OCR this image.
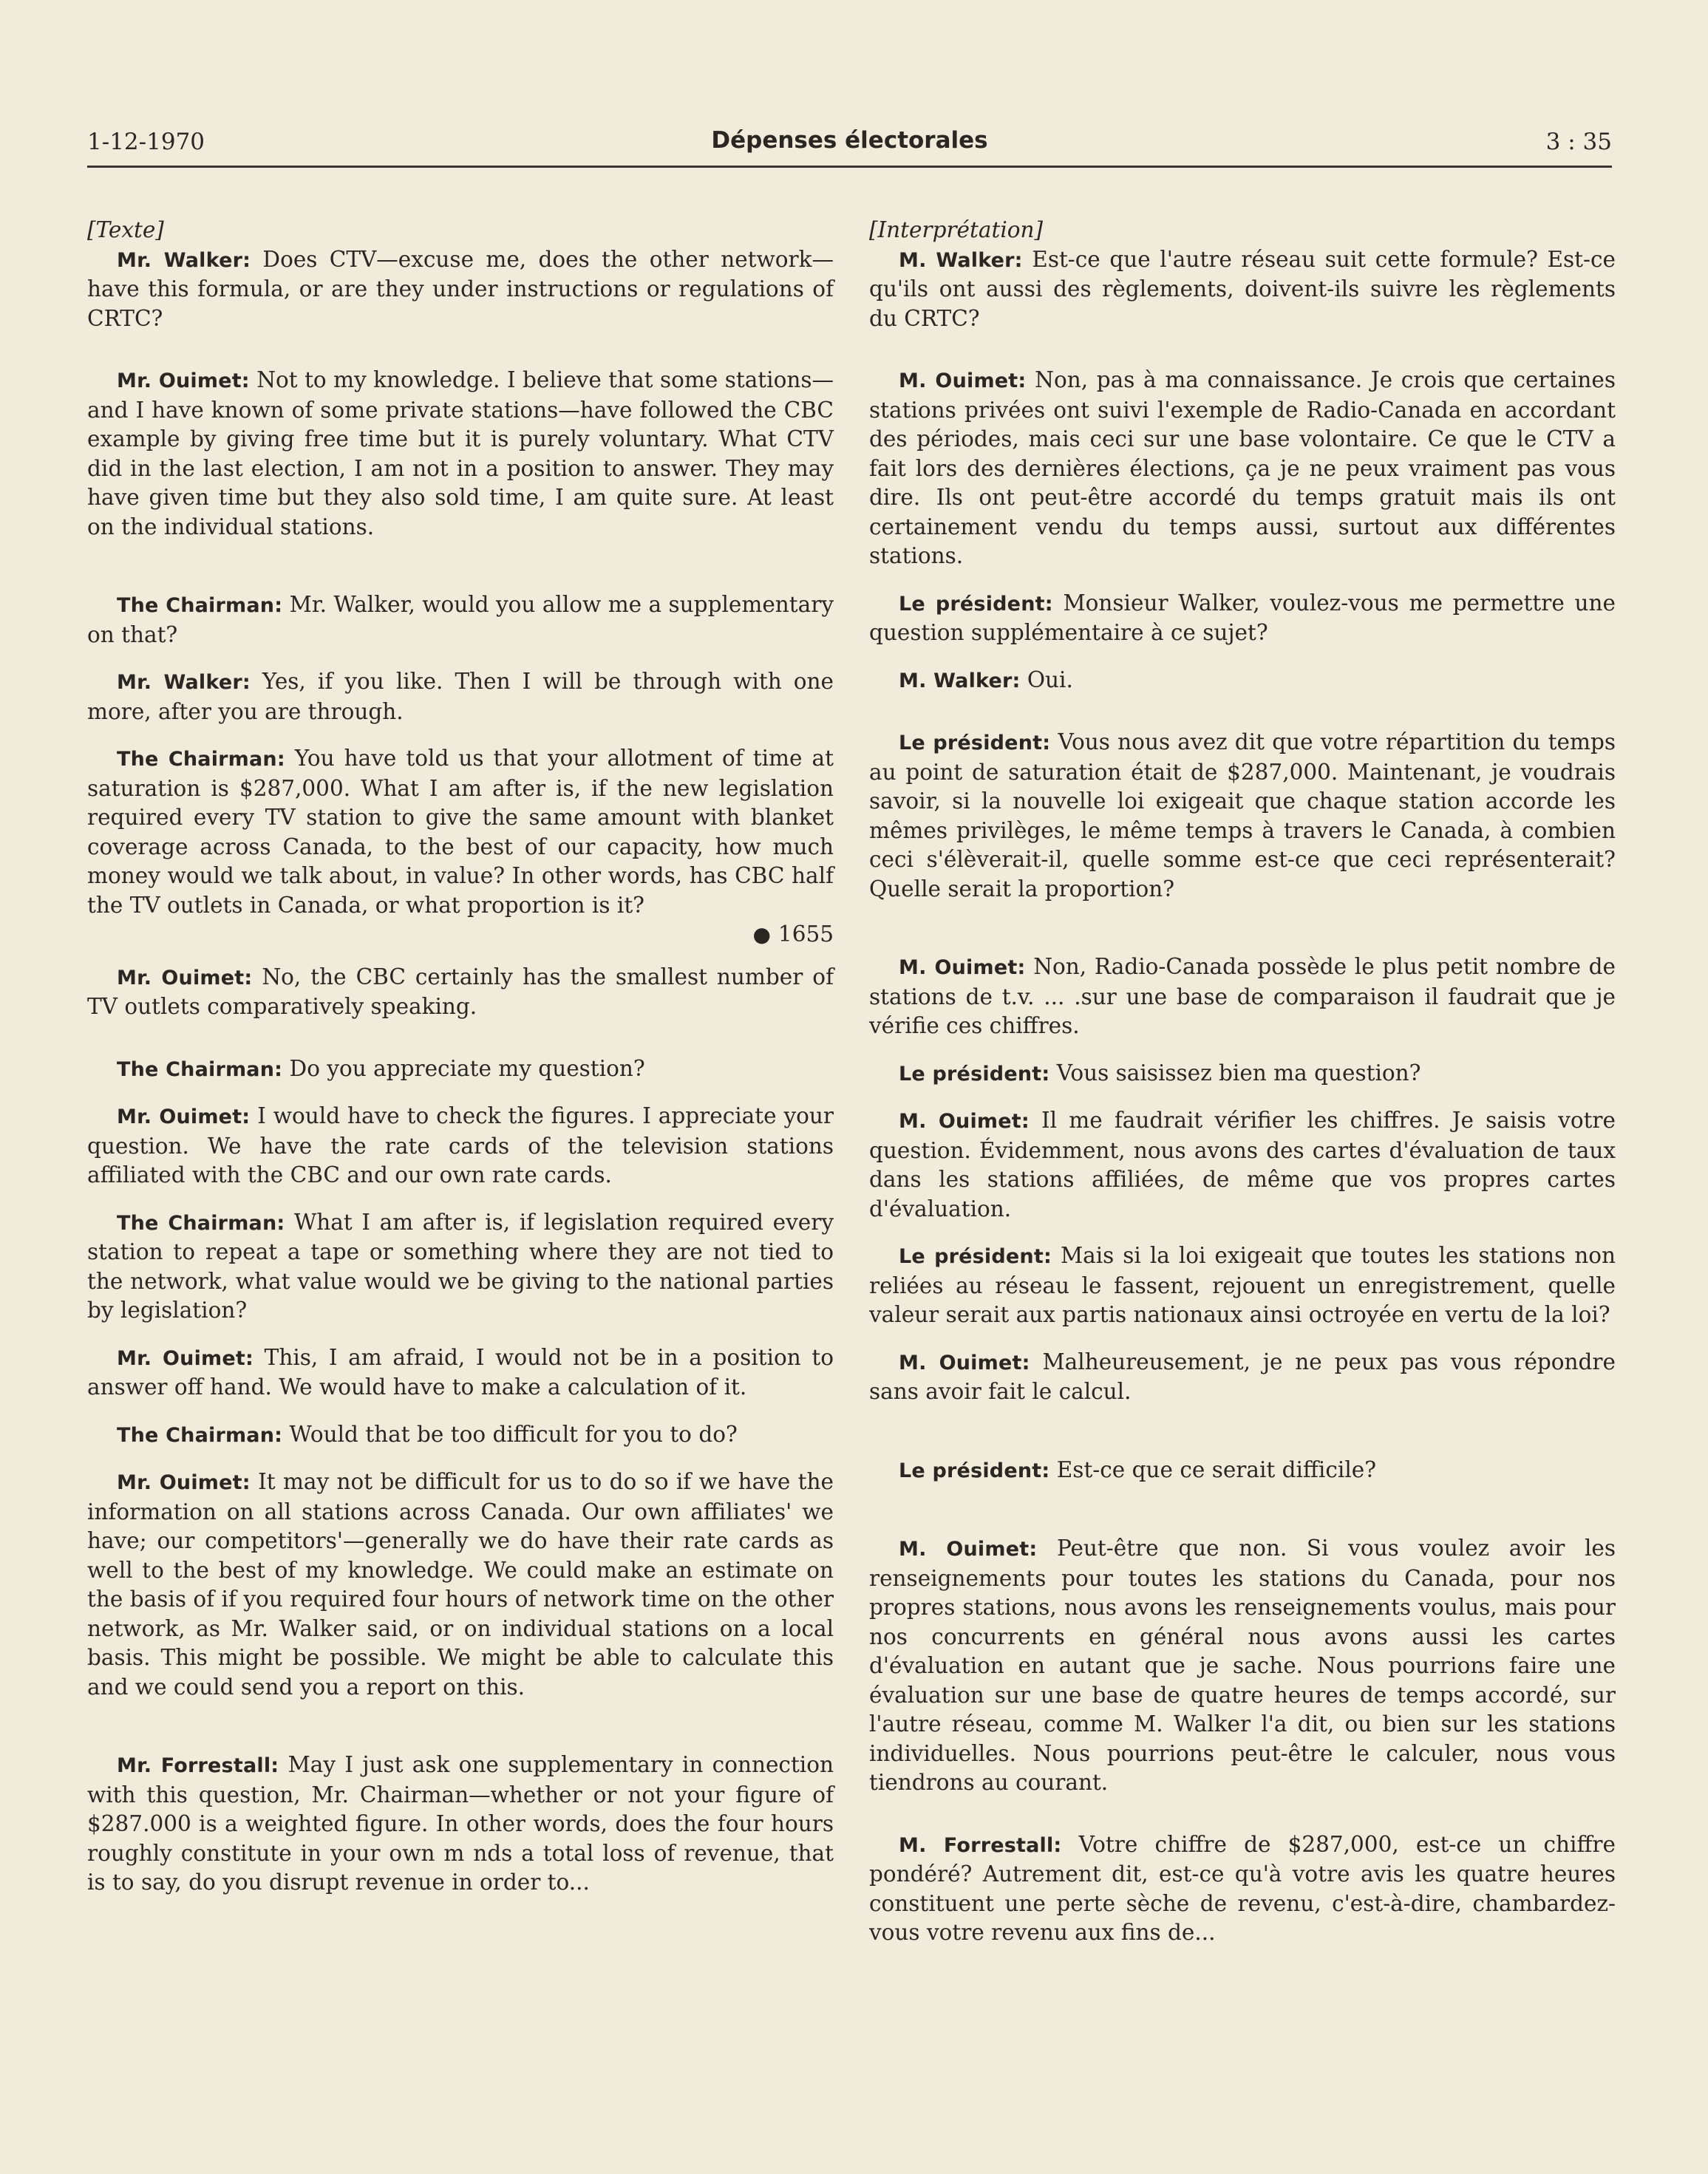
1-12-1970	Dépenses électorales	3 : 35

[Texte]

Mr. Walker: Does CTV—excuse me, does the other network—have this formula, or are they under instructions or regulations of CRTC?

Mr. Ouimet: Not to my knowledge. I believe that some stations—and I have known of some private stations—have followed the CBC example by giving free time but it is purely voluntary. What CTV did in the last election, I am not in a position to answer. They may have given time but they also sold time, I am quite sure. At least on the individual stations.

The Chairman: Mr. Walker, would you allow me a supplementary on that?

Mr. Walker: Yes, if you like. Then I will be through with one more, after you are through.

The Chairman: You have told us that your allotment of time at saturation is $287,000. What I am after is, if the new legislation required every TV station to give the same amount with blanket coverage across Canada, to the best of our capacity, how much money would we talk about, in value? In other words, has CBC half the TV outlets in Canada, or what proportion is it?

● 1655

Mr. Ouimet: No, the CBC certainly has the smallest number of TV outlets comparatively speaking.

The Chairman: Do you appreciate my question?

Mr. Ouimet: I would have to check the figures. I appreciate your question. We have the rate cards of the television stations affiliated with the CBC and our own rate cards.

The Chairman: What I am after is, if legislation required every station to repeat a tape or something where they are not tied to the network, what value would we be giving to the national parties by legislation?

Mr. Ouimet: This, I am afraid, I would not be in a position to answer off hand. We would have to make a calculation of it.

The Chairman: Would that be too difficult for you to do?

Mr. Ouimet: It may not be difficult for us to do so if we have the information on all stations across Canada. Our own affiliates' we have; our competitors'—generally we do have their rate cards as well to the best of my knowledge. We could make an estimate on the basis of if you required four hours of network time on the other network, as Mr. Walker said, or on individual stations on a local basis. This might be possible. We might be able to calculate this and we could send you a report on this.

Mr. Forrestall: May I just ask one supplementary in connection with this question, Mr. Chairman—whether or not your figure of $287.000 is a weighted figure. In other words, does the four hours roughly constitute in your own m nds a total loss of revenue, that is to say, do you disrupt revenue in order to...

[Interprétation]

M. Walker: Est-ce que l'autre réseau suit cette formule? Est-ce qu'ils ont aussi des règlements, doivent-ils suivre les règlements du CRTC?

M. Ouimet: Non, pas à ma connaissance. Je crois que certaines stations privées ont suivi l'exemple de Radio-Canada en accordant des périodes, mais ceci sur une base volontaire. Ce que le CTV a fait lors des dernières élections, ça je ne peux vraiment pas vous dire. Ils ont peut-être accordé du temps gratuit mais ils ont certainement vendu du temps aussi, surtout aux différentes stations.

Le président: Monsieur Walker, voulez-vous me permettre une question supplémentaire à ce sujet?

M. Walker: Oui.

Le président: Vous nous avez dit que votre répartition du temps au point de saturation était de $287,000. Maintenant, je voudrais savoir, si la nouvelle loi exigeait que chaque station accorde les mêmes privilèges, le même temps à travers le Canada, à combien ceci s'élèverait-il, quelle somme est-ce que ceci représenterait? Quelle serait la proportion?

M. Ouimet: Non, Radio-Canada possède le plus petit nombre de stations de t.v. ... .sur une base de comparaison il faudrait que je vérifie ces chiffres.

Le président: Vous saisissez bien ma question?

M. Ouimet: Il me faudrait vérifier les chiffres. Je saisis votre question. Évidemment, nous avons des cartes d'évaluation de taux dans les stations affiliées, de même que vos propres cartes d'évaluation.

Le président: Mais si la loi exigeait que toutes les stations non reliées au réseau le fassent, rejouent un enregistrement, quelle valeur serait aux partis nationaux ainsi octroyée en vertu de la loi?

M. Ouimet: Malheureusement, je ne peux pas vous répondre sans avoir fait le calcul.

Le président: Est-ce que ce serait difficile?

M. Ouimet: Peut-être que non. Si vous voulez avoir les renseignements pour toutes les stations du Canada, pour nos propres stations, nous avons les renseignements voulus, mais pour nos concurrents en général nous avons aussi les cartes d'évaluation en autant que je sache. Nous pourrions faire une évaluation sur une base de quatre heures de temps accordé, sur l'autre réseau, comme M. Walker l'a dit, ou bien sur les stations individuelles. Nous pourrions peut-être le calculer, nous vous tiendrons au courant.

M. Forrestall: Votre chiffre de $287,000, est-ce un chiffre pondéré? Autrement dit, est-ce qu'à votre avis les quatre heures constituent une perte sèche de revenu, c'est-à-dire, chambardez-vous votre revenu aux fins de...
